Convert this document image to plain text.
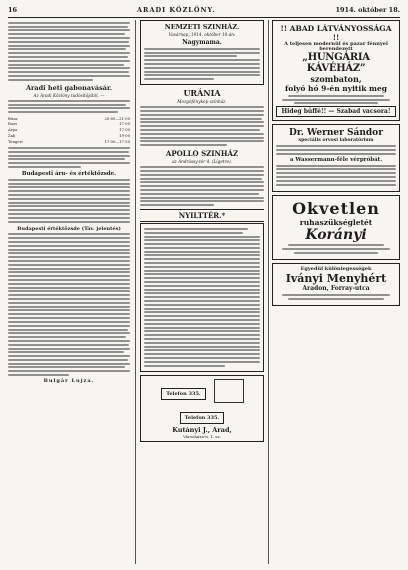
16	ARADI KÖZLÖNY.	1914. október 18.
Aradi heti gabonavásár.
Az Aradi Közlöny tudósítójától. —
Búza	20·60—21·00
Rozs	17·00
Árpa	17·00
Zab	19·00
Tengeri	17·00—17·50
Budapesti áru- és értéktőzsde.
Budapesti értéktőzsde (Táv. jelentés)
Bulgár Lujza.
NEMZETI SZINHÁZ.
Vasárnap, 1914. október 18-án:
Nagymama.
URÁNIA
Mozgófénykép színház.
APOLLO SZINHÁZ
az Andrássy-tér 4. (Ligetre).
NYILTTÉR.*
Telefon 335.  Telefon 335.
Kutányi J., Arad,
Városháza-u. 1. sz.
!! ABAD LÁTVÁNYOSSÁGA !!
A teljesen modernül és pazar fénnyel berendezett
„HUNGÁRIA KÁVÉHÁZ”
szombaton,
folyó hó 9-én nyitik meg
Hideg büffé!! — Szabad vacsora!
Dr. Werner Sándor
speciális orvosi laboratórium
a Wassermann-féle vérpróbát.
Okvetlen
ruhaszükségletét
Korányi
Egyedül különlegességek
Iványi Menyhért
Aradon, Forray-utca
